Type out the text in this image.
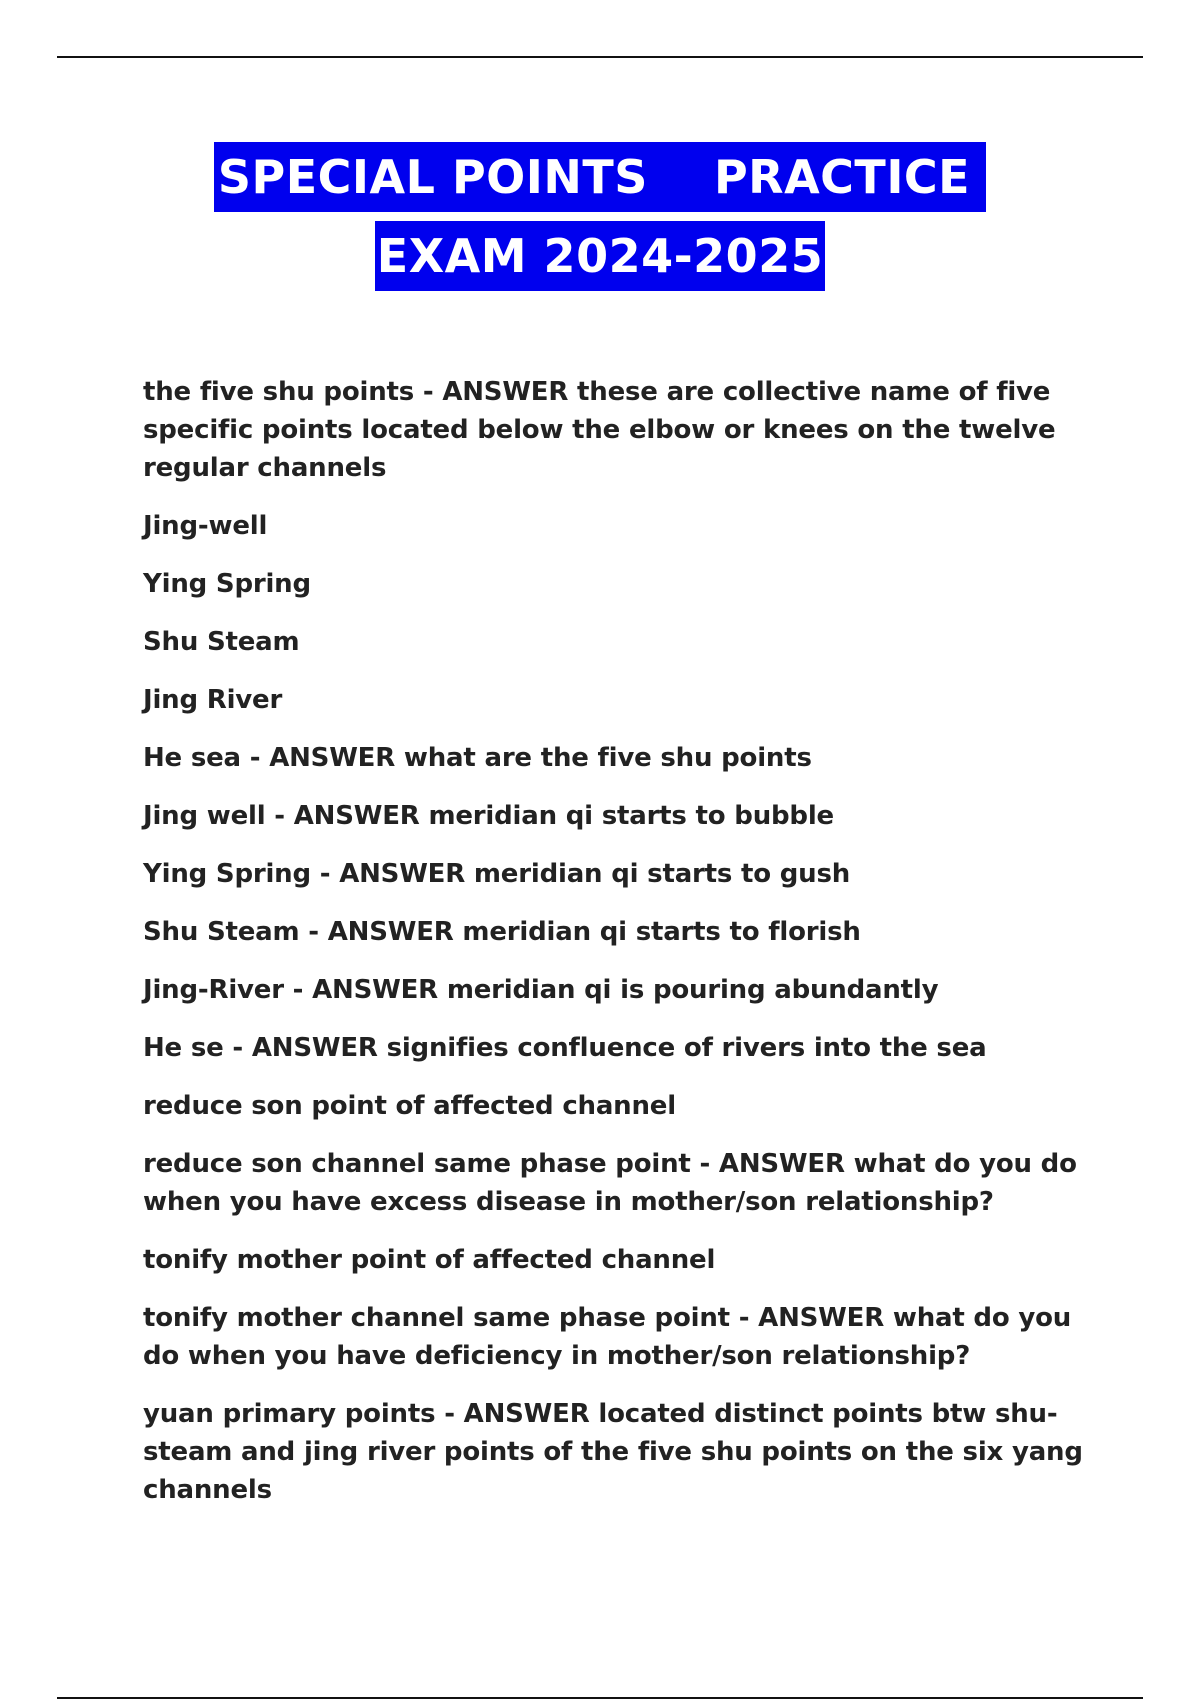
SPECIAL POINTS    PRACTICE
EXAM 2024-2025

the five shu points - ANSWER these are collective name of five specific points located below the elbow or knees on the twelve regular channels

Jing-well

Ying Spring

Shu Steam

Jing River

He sea - ANSWER what are the five shu points

Jing well - ANSWER meridian qi starts to bubble

Ying Spring - ANSWER meridian qi starts to gush

Shu Steam - ANSWER meridian qi starts to florish

Jing-River - ANSWER meridian qi is pouring abundantly

He se - ANSWER signifies confluence of rivers into the sea

reduce son point of affected channel

reduce son channel same phase point - ANSWER what do you do when you have excess disease in mother/son relationship?

tonify mother point of affected channel

tonify mother channel same phase point - ANSWER what do you do when you have deficiency in mother/son relationship?

yuan primary points - ANSWER located distinct points btw shu-steam and jing river points of the five shu points on the six yang channels
